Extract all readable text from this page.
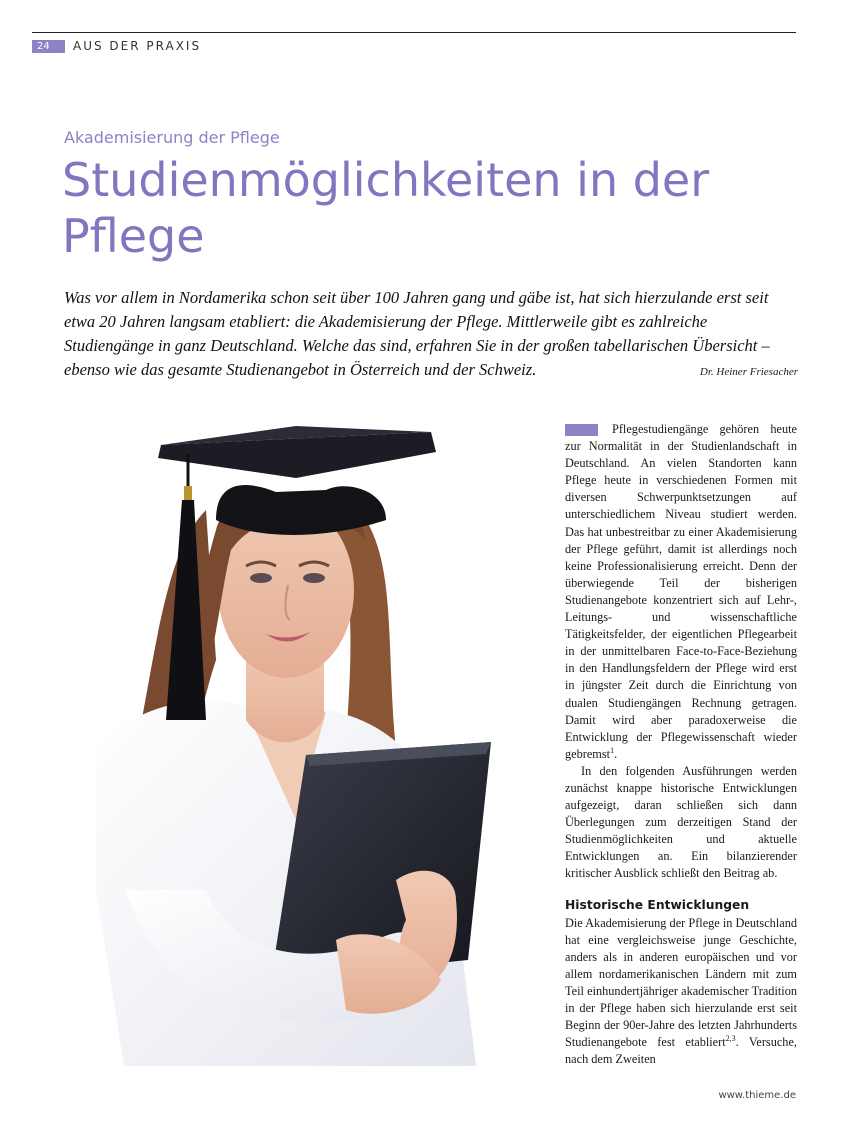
24	AUS DER PRAXIS
Akademisierung der Pflege
Studienmöglichkeiten in der Pflege

Was vor allem in Nordamerika schon seit über 100 Jahren gang und gäbe ist, hat sich hierzulande erst seit etwa 20 Jahren langsam etabliert: die Akademisierung der Pflege. Mittlerweile gibt es zahlreiche Studiengänge in ganz Deutschland. Welche das sind, erfahren Sie in der großen tabellarischen Übersicht – ebenso wie das gesamte Studienangebot in Österreich und der Schweiz.	Dr. Heiner Friesacher

Pflegestudiengänge gehören heute zur Normalität in der Studienlandschaft in Deutschland. An vielen Standorten kann Pflege heute in verschiedenen Formen mit diversen Schwerpunktsetzungen auf unterschiedlichem Niveau studiert werden. Das hat unbestreitbar zu einer Akademisierung der Pflege geführt, damit ist allerdings noch keine Professionalisierung erreicht. Denn der überwiegende Teil der bisherigen Studienangebote konzentriert sich auf Lehr-, Leitungs- und wissenschaftliche Tätigkeitsfelder, der eigentlichen Pflegearbeit in der unmittelbaren Face-to-Face-Beziehung in den Handlungsfeldern der Pflege wird erst in jüngster Zeit durch die Einrichtung von dualen Studiengängen Rechnung getragen. Damit wird aber paradoxerweise die Entwicklung der Pflegewissenschaft wieder gebremst$^1$.

In den folgenden Ausführungen werden zunächst knappe historische Entwicklungen aufgezeigt, daran schließen sich dann Überlegungen zum derzeitigen Stand der Studienmöglichkeiten und aktuelle Entwicklungen an. Ein bilanzierender kritischer Ausblick schließt den Beitrag ab.

Historische Entwicklungen

Die Akademisierung der Pflege in Deutschland hat eine vergleichsweise junge Geschichte, anders als in anderen europäischen und vor allem nordamerikanischen Ländern mit zum Teil einhundertjähriger akademischer Tradition in der Pflege haben sich hierzulande erst seit Beginn der 90er-Jahre des letzten Jahrhunderts Studienangebote fest etabliert$^{2,3}$. Versuche, nach dem Zweiten

www.thieme.de
